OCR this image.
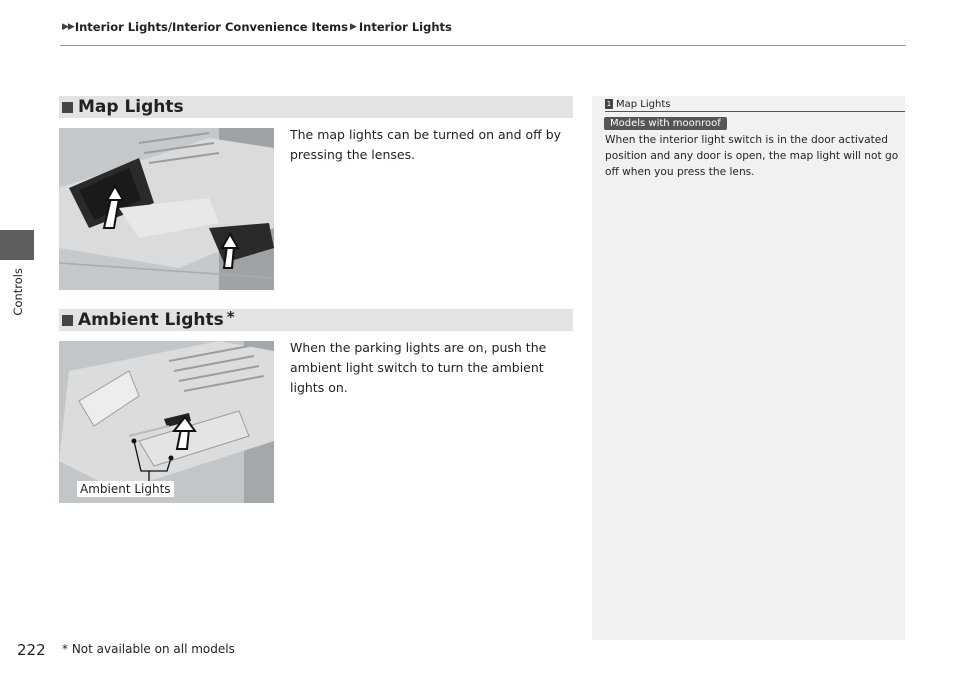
▶▶ Interior Lights/Interior Convenience Items ▶ Interior Lights
Controls
Map Lights
The map lights can be turned on and off by pressing the lenses.
Ambient Lights *
Ambient Lights
When the parking lights are on, push the ambient light switch to turn the ambient lights on.
1 Map Lights
Models with moonroof
When the interior light switch is in the door activated position and any door is open, the map light will not go off when you press the lens.
222 * Not available on all models
